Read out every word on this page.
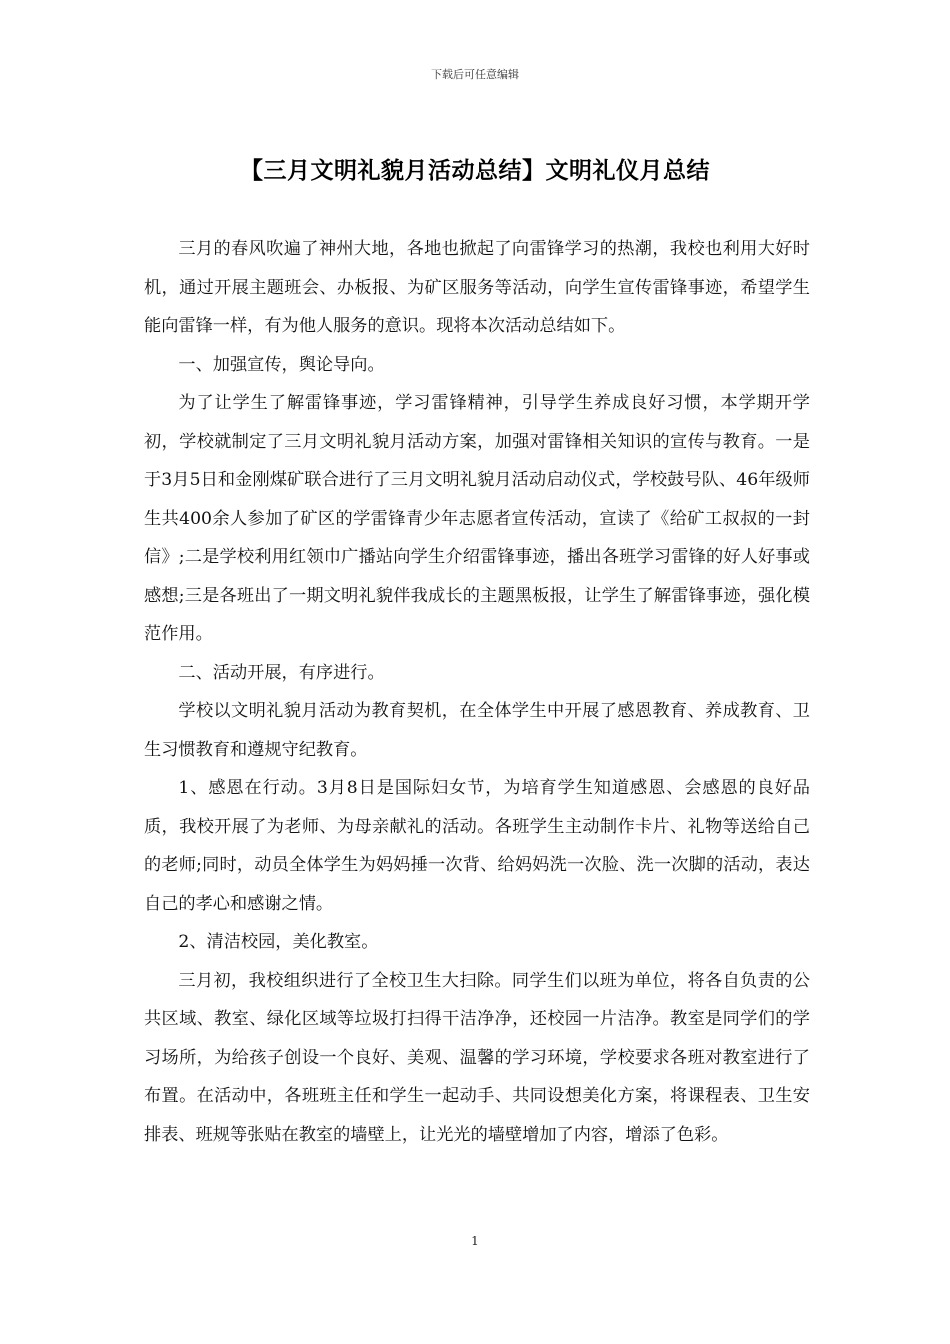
下载后可任意编辑
【三月文明礼貌月活动总结】文明礼仪月总结

三月的春风吹遍了神州大地，各地也掀起了向雷锋学习的热潮，我校也利用大好时机，通过开展主题班会、办板报、为矿区服务等活动，向学生宣传雷锋事迹，希望学生能向雷锋一样，有为他人服务的意识。现将本次活动总结如下。

一、加强宣传，舆论导向。

为了让学生了解雷锋事迹，学习雷锋精神，引导学生养成良好习惯，本学期开学初，学校就制定了三月文明礼貌月活动方案，加强对雷锋相关知识的宣传与教育。一是于3月5日和金刚煤矿联合进行了三月文明礼貌月活动启动仪式，学校鼓号队、46年级师生共400余人参加了矿区的学雷锋青少年志愿者宣传活动，宣读了《给矿工叔叔的一封信》;二是学校利用红领巾广播站向学生介绍雷锋事迹，播出各班学习雷锋的好人好事或感想;三是各班出了一期文明礼貌伴我成长的主题黑板报，让学生了解雷锋事迹，强化模范作用。

二、活动开展，有序进行。

学校以文明礼貌月活动为教育契机，在全体学生中开展了感恩教育、养成教育、卫生习惯教育和遵规守纪教育。

1、感恩在行动。3月8日是国际妇女节，为培育学生知道感恩、会感恩的良好品质，我校开展了为老师、为母亲献礼的活动。各班学生主动制作卡片、礼物等送给自己的老师;同时，动员全体学生为妈妈捶一次背、给妈妈洗一次脸、洗一次脚的活动，表达自己的孝心和感谢之情。

2、清洁校园，美化教室。

三月初，我校组织进行了全校卫生大扫除。同学生们以班为单位，将各自负责的公共区域、教室、绿化区域等垃圾打扫得干洁净净，还校园一片洁净。教室是同学们的学习场所，为给孩子创设一个良好、美观、温馨的学习环境，学校要求各班对教室进行了布置。在活动中，各班班主任和学生一起动手、共同设想美化方案，将课程表、卫生安排表、班规等张贴在教室的墙壁上，让光光的墙壁增加了内容，增添了色彩。

1
